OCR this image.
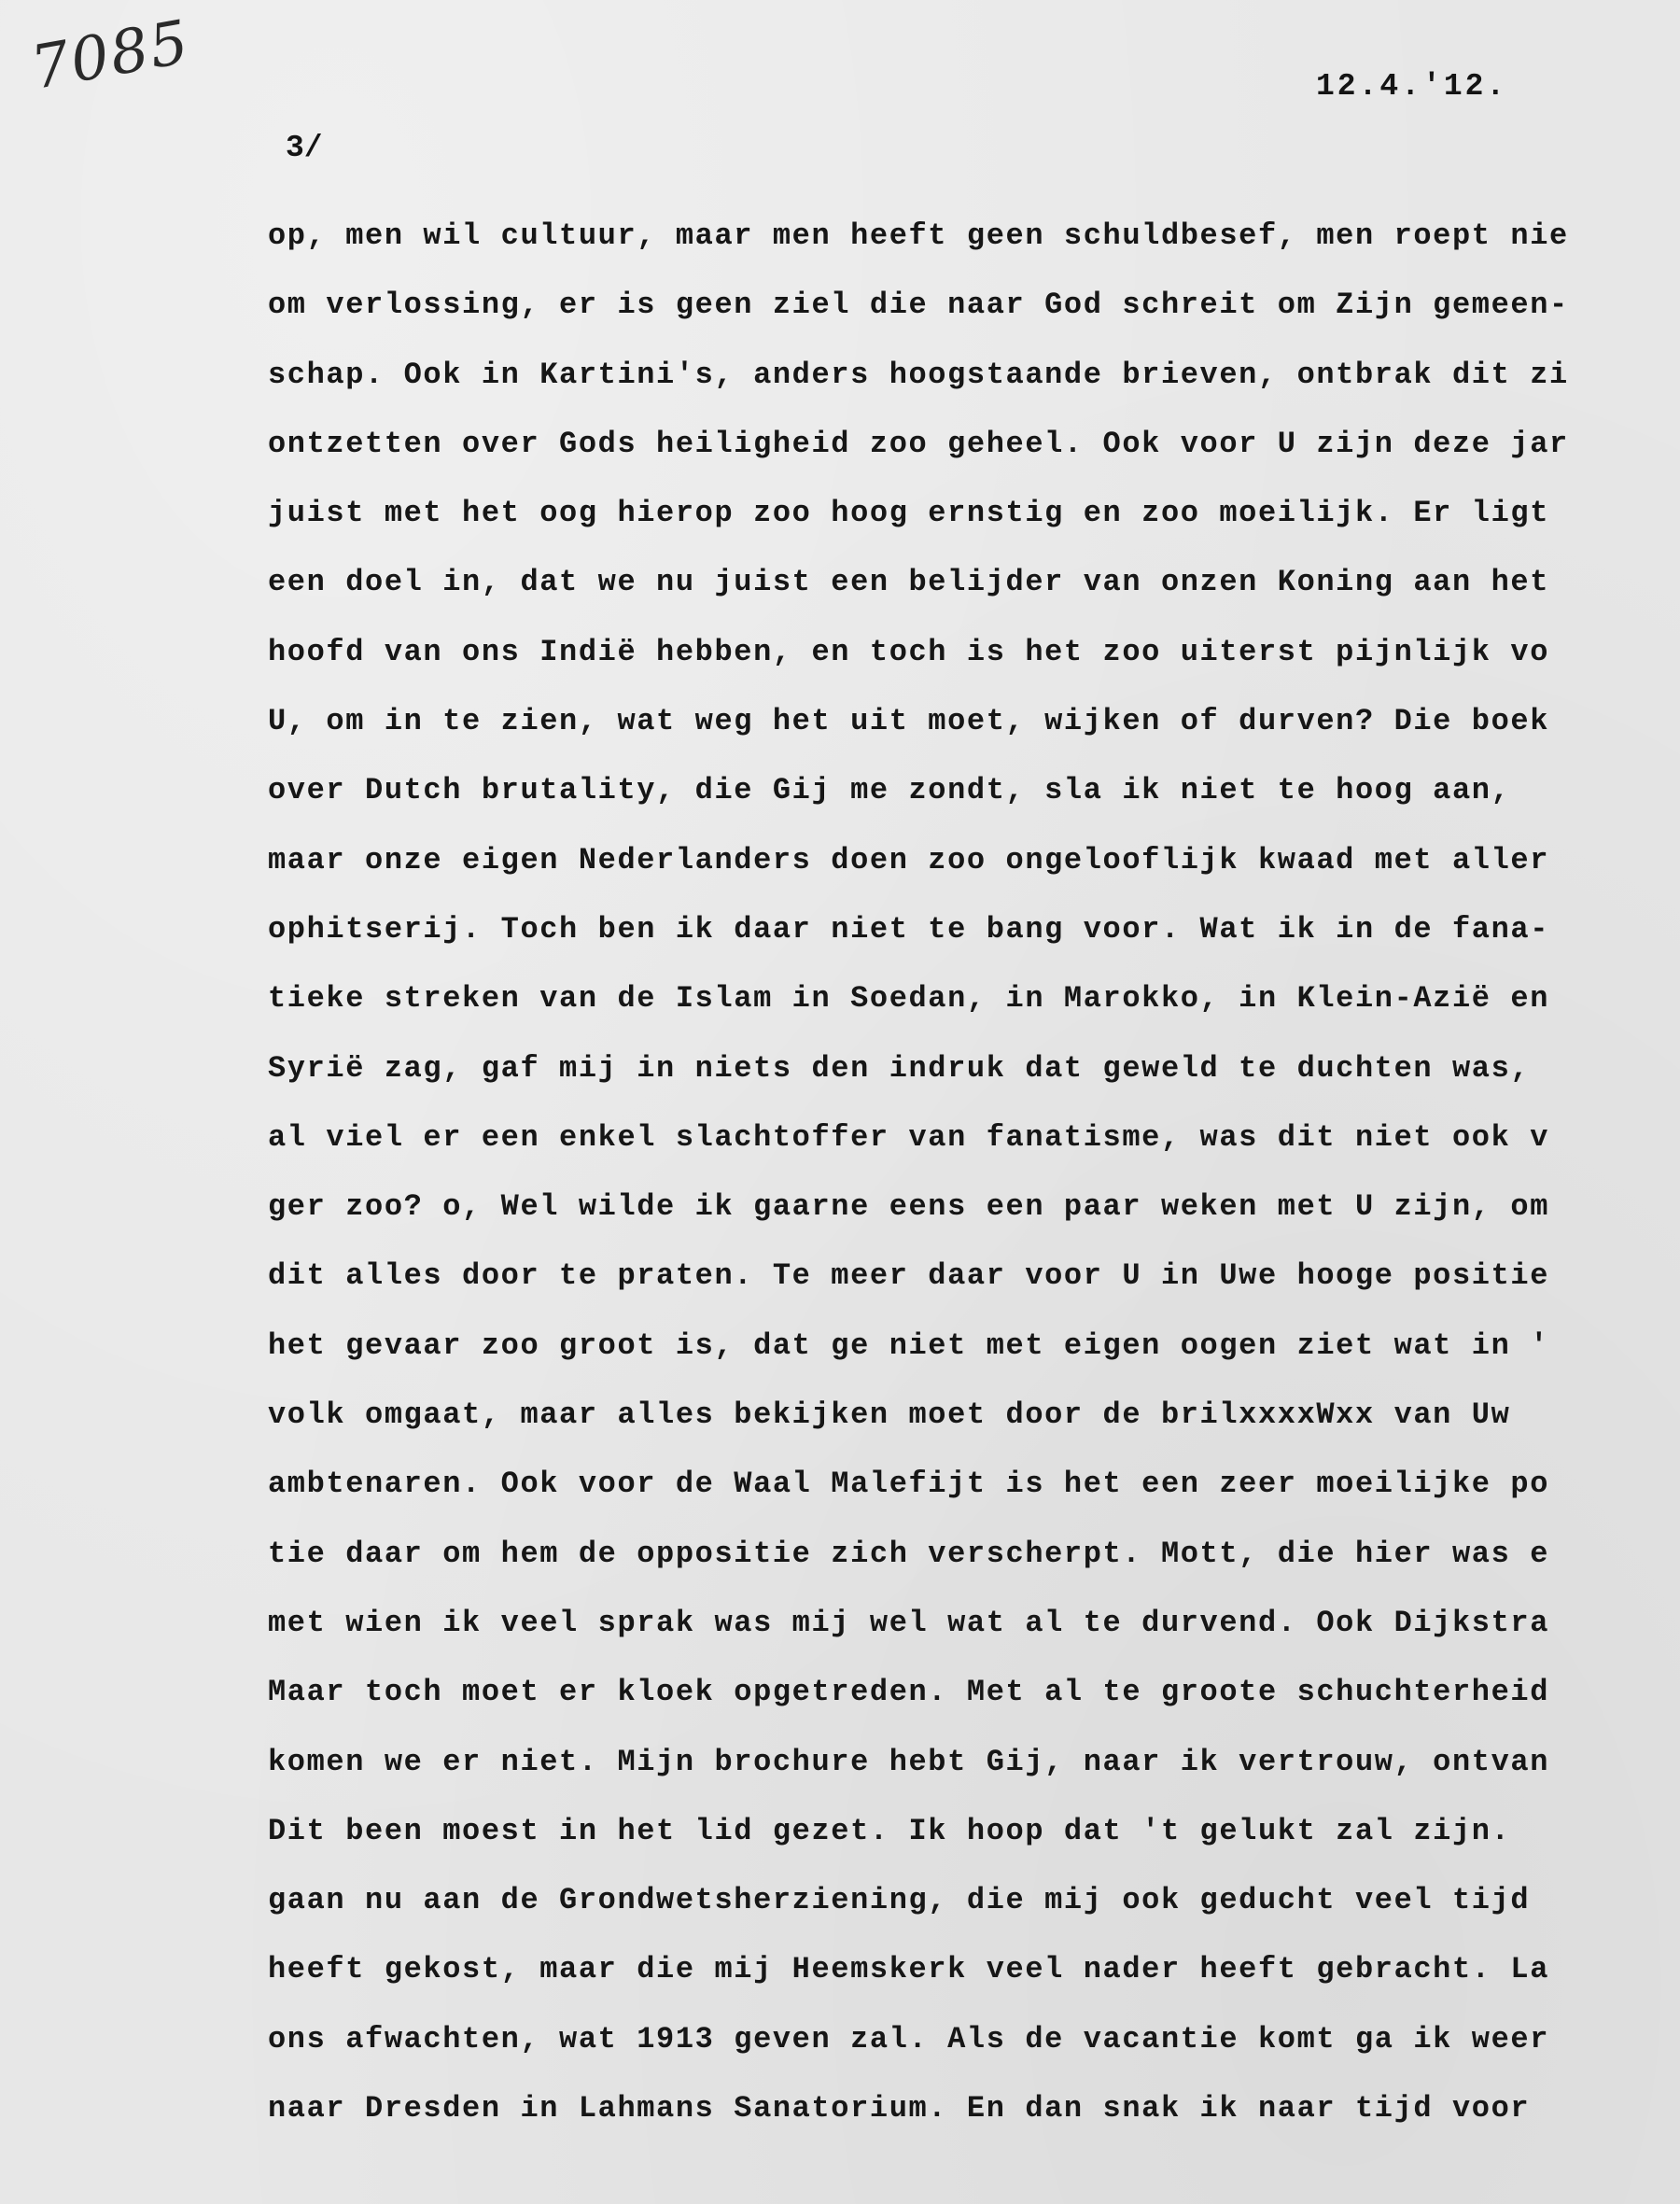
7085	12.4.'12.
3/
op, men wil cultuur, maar men heeft geen schuldbesef, men roept nie
om verlossing, er is geen ziel die naar God schreit om Zijn gemeen-
schap. Ook in Kartini's, anders hoogstaande brieven, ontbrak dit zi
ontzetten over Gods heiligheid zoo geheel. Ook voor U zijn deze jar
juist met het oog hierop zoo hoog ernstig en zoo moeilijk. Er ligt
een doel in, dat we nu juist een belijder van onzen Koning aan het
hoofd van ons Indië hebben, en toch is het zoo uiterst pijnlijk vo
U, om in te zien, wat weg het uit moet, wijken of durven? Die boek
over Dutch brutality, die Gij me zondt, sla ik niet te hoog aan,
maar onze eigen Nederlanders doen zoo ongelooflijk kwaad met aller
ophitserij. Toch ben ik daar niet te bang voor. Wat ik in de fana-
tieke streken van de Islam in Soedan, in Marokko, in Klein-Azië en
Syrië zag, gaf mij in niets den indruk dat geweld te duchten was,
al viel er een enkel slachtoffer van fanatisme, was dit niet ook v
ger zoo? o, Wel wilde ik gaarne eens een paar weken met U zijn, om
dit alles door te praten. Te meer daar voor U in Uwe hooge positie
het gevaar zoo groot is, dat ge niet met eigen oogen ziet wat in '
volk omgaat, maar alles bekijken moet door de brilxxxxWxx van Uw
ambtenaren. Ook voor de Waal Malefijt is het een zeer moeilijke po
tie daar om hem de oppositie zich verscherpt. Mott, die hier was e
met wien ik veel sprak was mij wel wat al te durvend. Ook Dijkstra
Maar toch moet er kloek opgetreden. Met al te groote schuchterheid
komen we er niet. Mijn brochure hebt Gij, naar ik vertrouw, ontvan
Dit been moest in het lid gezet. Ik hoop dat 't gelukt zal zijn.
gaan nu aan de Grondwetsherziening, die mij ook geducht veel tijd
heeft gekost, maar die mij Heemskerk veel nader heeft gebracht. La
ons afwachten, wat 1913 geven zal. Als de vacantie komt ga ik weer
naar Dresden in Lahmans Sanatorium. En dan snak ik naar tijd voor
